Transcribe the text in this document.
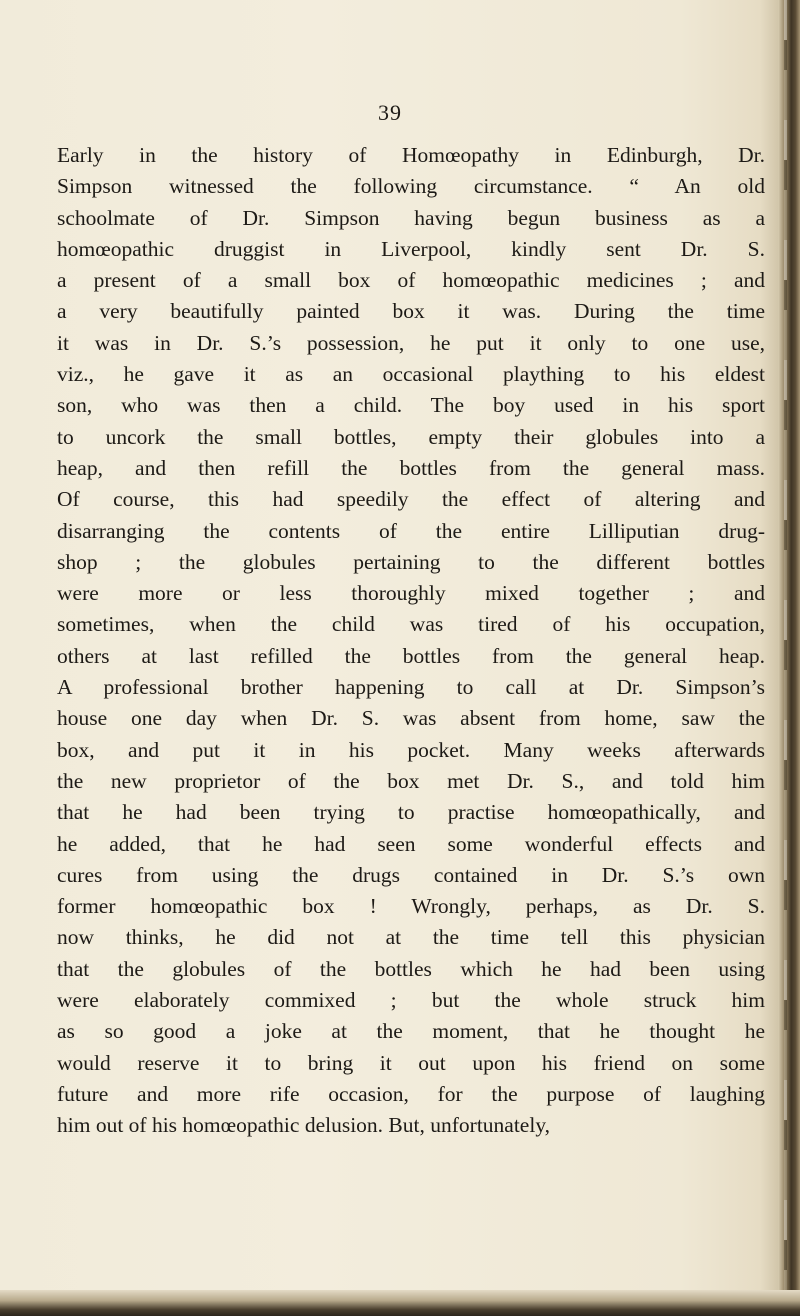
39
Early in the history of Homœopathy in Edinburgh, Dr.
Simpson witnessed the following circumstance. “ An old
schoolmate of Dr. Simpson having begun business as a
homœopathic druggist in Liverpool, kindly sent Dr. S.
a present of a small box of homœopathic medicines ; and
a very beautifully painted box it was. During the time
it was in Dr. S.’s possession, he put it only to one use,
viz., he gave it as an occasional plaything to his eldest
son, who was then a child. The boy used in his sport
to uncork the small bottles, empty their globules into a
heap, and then refill the bottles from the general mass.
Of course, this had speedily the effect of altering and
disarranging the contents of the entire Lilliputian drug-
shop ; the globules pertaining to the different bottles
were more or less thoroughly mixed together ; and
sometimes, when the child was tired of his occupation,
others at last refilled the bottles from the general heap.
A professional brother happening to call at Dr. Simpson’s
house one day when Dr. S. was absent from home, saw the
box, and put it in his pocket. Many weeks afterwards
the new proprietor of the box met Dr. S., and told him
that he had been trying to practise homœopathically, and
he added, that he had seen some wonderful effects and
cures from using the drugs contained in Dr. S.’s own
former homœopathic box ! Wrongly, perhaps, as Dr. S.
now thinks, he did not at the time tell this physician
that the globules of the bottles which he had been using
were elaborately commixed ; but the whole struck him
as so good a joke at the moment, that he thought he
would reserve it to bring it out upon his friend on some
future and more rife occasion, for the purpose of laughing
him out of his homœopathic delusion. But, unfortunately,
